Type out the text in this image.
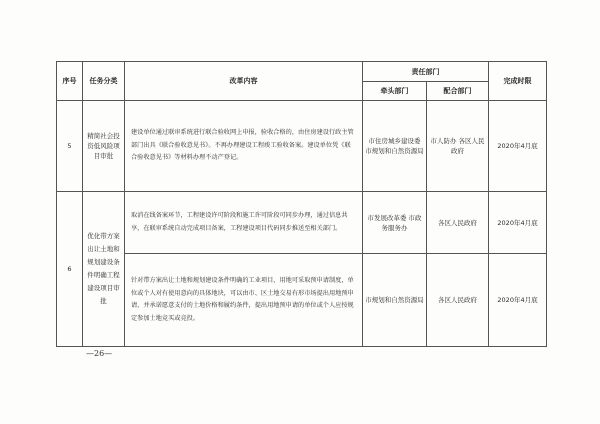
序号	任务分类	改革内容	责任部门		完成时限
			牵头部门	配合部门	
5	精简社会投资低风险项目审批	建设单位通过联审系统进行联合验收网上申报，验收合格的，由住房建设行政主管部门出具《联合验收意见书》。不再办理建设工程竣工验收备案。建设单位凭《联合验收意见书》等材料办理不动产登记。	市住房城乡建设委 市规划和自然资源局	市人防办 各区人民政府	2020年4月底
6	优化带方案出让土地和规划建设条件明确工程建设项目审批	取消在线备案环节，工程建设许可阶段和施工许可阶段可同步办理，通过信息共享，在联审系统自动完成项目备案，工程建设项目代码同步推送至相关部门。	市发展改革委 市政务服务办	各区人民政府	2020年4月底
		针对带方案出让土地和规划建设条件明确的工业项目，用地可采取预申请制度，单位或个人对有使用意向的具体地块，可以由市、区土地交易有形市场提出用地预申请，并承诺愿意支付的土地价格和履约条件，提出用地预申请的单位或个人应按规定参加土地竞买或竞投。	市规划和自然资源局	各区人民政府	2020年4月底
—26—
